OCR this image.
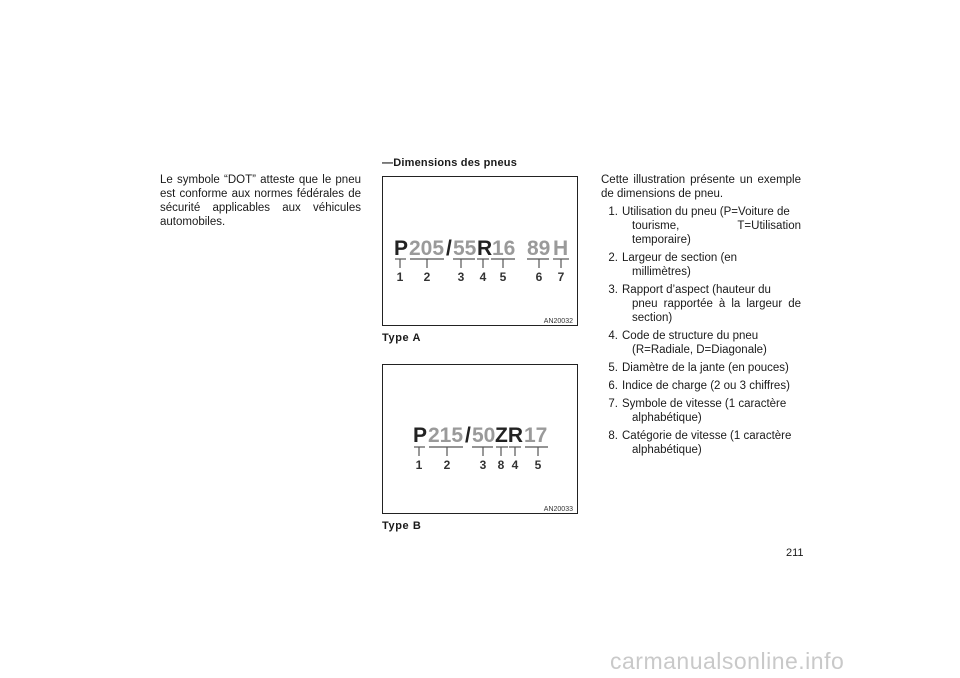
Le symbole “DOT” atteste que le pneu est conforme aux normes fédérales de sécurité applicables aux véhicules automobiles.

—Dimensions des pneus
P 205 / 55 R 16 89 H
1 2 3 4 5 6 7
AN20032
Type A
P 215 / 50 ZR 17
1 2 3 8 4 5
AN20033
Type B

Cette illustration présente un exemple de dimensions de pneu.

1. Utilisation du pneu (P=Voiture de
tourisme, T=Utilisation temporaire)
2. Largeur de section (en
millimètres)
3. Rapport d’aspect (hauteur du
pneu rapportée à la largeur de section)
4. Code de structure du pneu
(R=Radiale, D=Diagonale)
5. Diamètre de la jante (en pouces)
6. Indice de charge (2 ou 3 chiffres)
7. Symbole de vitesse (1 caractère
alphabétique)
8. Catégorie de vitesse (1 caractère
alphabétique)
211
carmanualsonline.info
